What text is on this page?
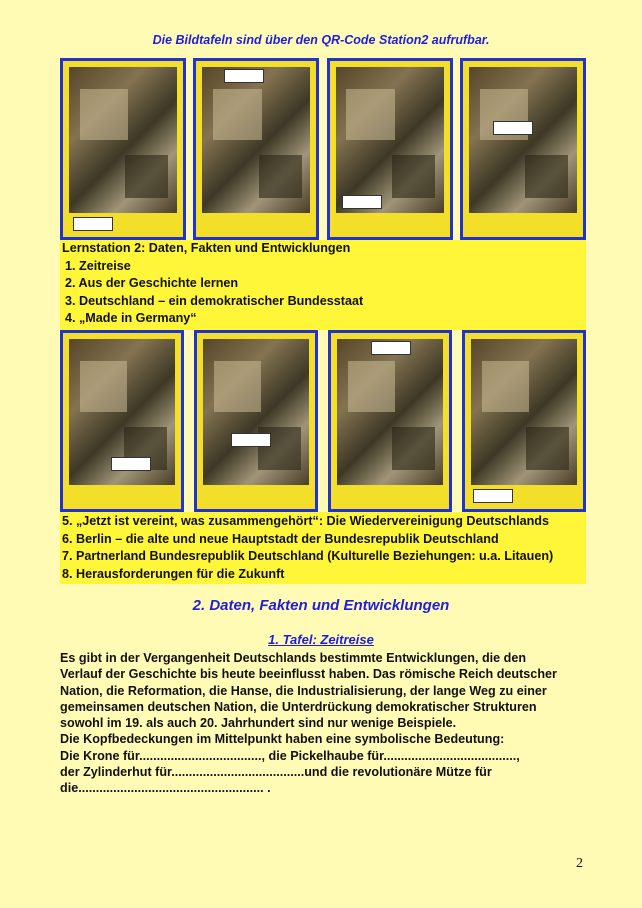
Die Bildtafeln sind über den QR-Code Station2 aufrufbar.
Lernstation 2: Daten, Fakten und Entwicklungen
1. Zeitreise
2. Aus der Geschichte lernen
3. Deutschland – ein demokratischer Bundesstaat
4. „Made in Germany“
5. „Jetzt ist vereint, was zusammengehört“: Die Wiedervereinigung Deutschlands
6. Berlin – die alte und neue Hauptstadt der Bundesrepublik Deutschland
7. Partnerland Bundesrepublik Deutschland (Kulturelle Beziehungen: u.a. Litauen)
8. Herausforderungen für die Zukunft
2. Daten, Fakten und Entwicklungen
1. Tafel: Zeitreise
Es gibt in der Vergangenheit Deutschlands bestimmte Entwicklungen, die den
Verlauf der Geschichte bis heute beeinflusst haben. Das römische Reich deutscher
Nation, die Reformation, die Hanse, die Industrialisierung, der lange Weg zu einer
gemeinsamen deutschen Nation, die Unterdrückung demokratischer Strukturen
sowohl im 19. als auch 20. Jahrhundert sind nur wenige Beispiele.
Die Kopfbedeckungen im Mittelpunkt haben eine symbolische Bedeutung:
Die Krone für..................................., die Pickelhaube für......................................,
der Zylinderhut für......................................und die revolutionäre Mütze für
die..................................................... .
2
